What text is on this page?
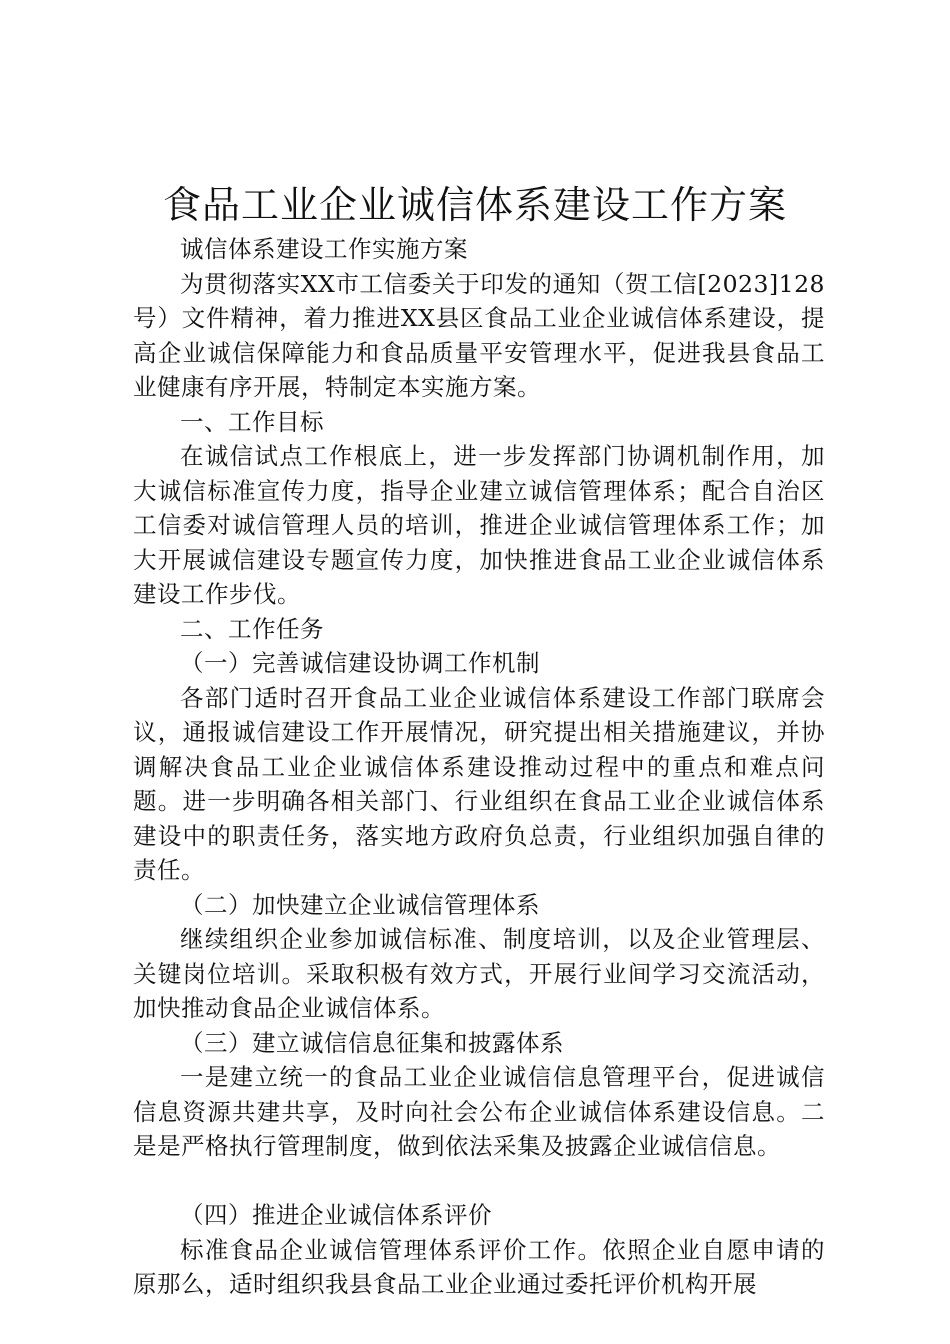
食品工业企业诚信体系建设工作方案

诚信体系建设工作实施方案

为贯彻落实XX市工信委关于印发的通知（贺工信[2023]128号）文件精神，着力推进XX县区食品工业企业诚信体系建设，提高企业诚信保障能力和食品质量平安管理水平，促进我县食品工业健康有序开展，特制定本实施方案。

一、工作目标

在诚信试点工作根底上，进一步发挥部门协调机制作用，加大诚信标准宣传力度，指导企业建立诚信管理体系；配合自治区工信委对诚信管理人员的培训，推进企业诚信管理体系工作；加大开展诚信建设专题宣传力度，加快推进食品工业企业诚信体系建设工作步伐。

二、工作任务

（一）完善诚信建设协调工作机制

各部门适时召开食品工业企业诚信体系建设工作部门联席会议，通报诚信建设工作开展情况，研究提出相关措施建议，并协调解决食品工业企业诚信体系建设推动过程中的重点和难点问题。进一步明确各相关部门、行业组织在食品工业企业诚信体系建设中的职责任务，落实地方政府负总责，行业组织加强自律的责任。

（二）加快建立企业诚信管理体系

继续组织企业参加诚信标准、制度培训，以及企业管理层、关键岗位培训。采取积极有效方式，开展行业间学习交流活动，加快推动食品企业诚信体系。

（三）建立诚信信息征集和披露体系

一是建立统一的食品工业企业诚信信息管理平台，促进诚信信息资源共建共享，及时向社会公布企业诚信体系建设信息。二是是严格执行管理制度，做到依法采集及披露企业诚信信息。

（四）推进企业诚信体系评价

标准食品企业诚信管理体系评价工作。依照企业自愿申请的原那么，适时组织我县食品工业企业通过委托评价机构开展
